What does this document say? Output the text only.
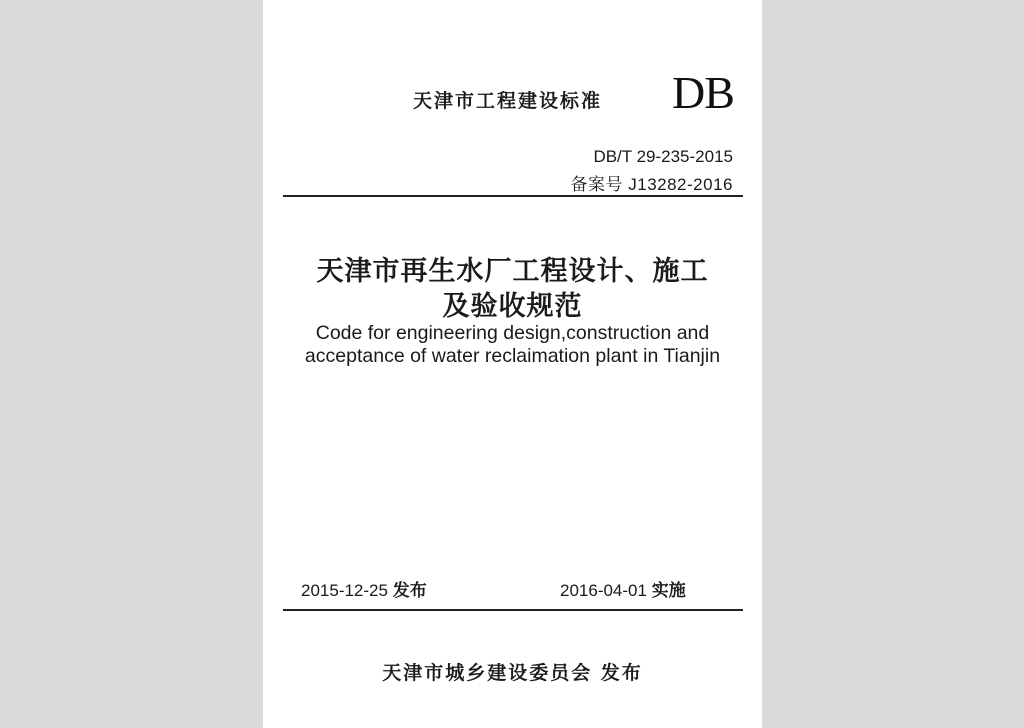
天津市工程建设标准 DB
DB/T 29-235-2015
备案号 J13282-2016
天津市再生水厂工程设计、施工
及验收规范
Code for engineering design,construction and
acceptance of water reclaimation plant in Tianjin
2015-12-25 发布	2016-04-01 实施
天津市城乡建设委员会 发布
